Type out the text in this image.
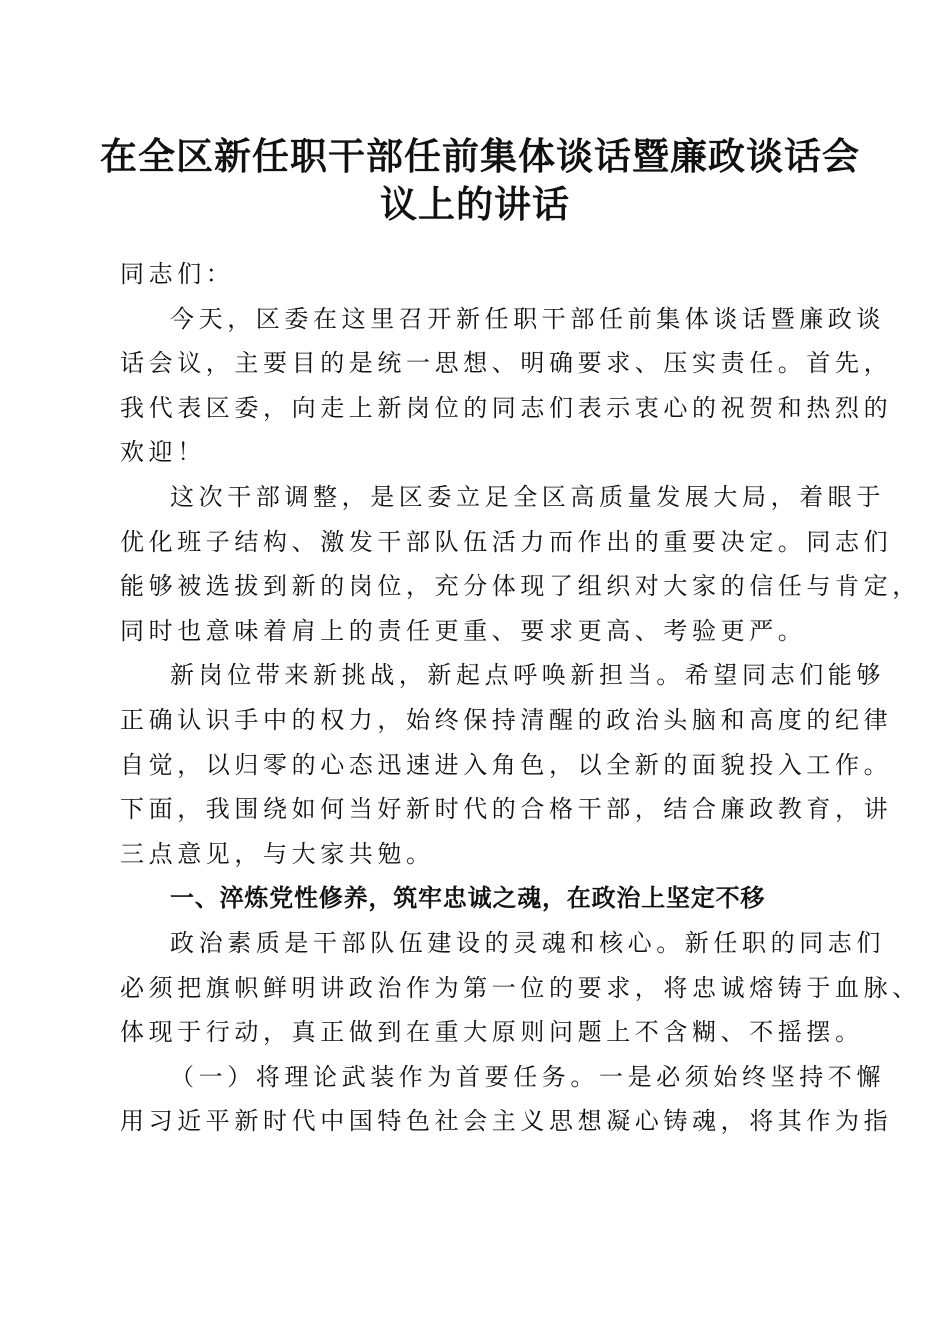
在全区新任职干部任前集体谈话暨廉政谈话会
议上的讲话

同志们：

今天，区委在这里召开新任职干部任前集体谈话暨廉政谈
话会议，主要目的是统一思想、明确要求、压实责任。首先，
我代表区委，向走上新岗位的同志们表示衷心的祝贺和热烈的
欢迎！

这次干部调整，是区委立足全区高质量发展大局，着眼于
优化班子结构、激发干部队伍活力而作出的重要决定。同志们
能够被选拔到新的岗位，充分体现了组织对大家的信任与肯定，
同时也意味着肩上的责任更重、要求更高、考验更严。

新岗位带来新挑战，新起点呼唤新担当。希望同志们能够
正确认识手中的权力，始终保持清醒的政治头脑和高度的纪律
自觉，以归零的心态迅速进入角色，以全新的面貌投入工作。
下面，我围绕如何当好新时代的合格干部，结合廉政教育，讲
三点意见，与大家共勉。

一、淬炼党性修养，筑牢忠诚之魂，在政治上坚定不移

政治素质是干部队伍建设的灵魂和核心。新任职的同志们
必须把旗帜鲜明讲政治作为第一位的要求，将忠诚熔铸于血脉、
体现于行动，真正做到在重大原则问题上不含糊、不摇摆。

（一）将理论武装作为首要任务。一是必须始终坚持不懈
用习近平新时代中国特色社会主义思想凝心铸魂，将其作为指
